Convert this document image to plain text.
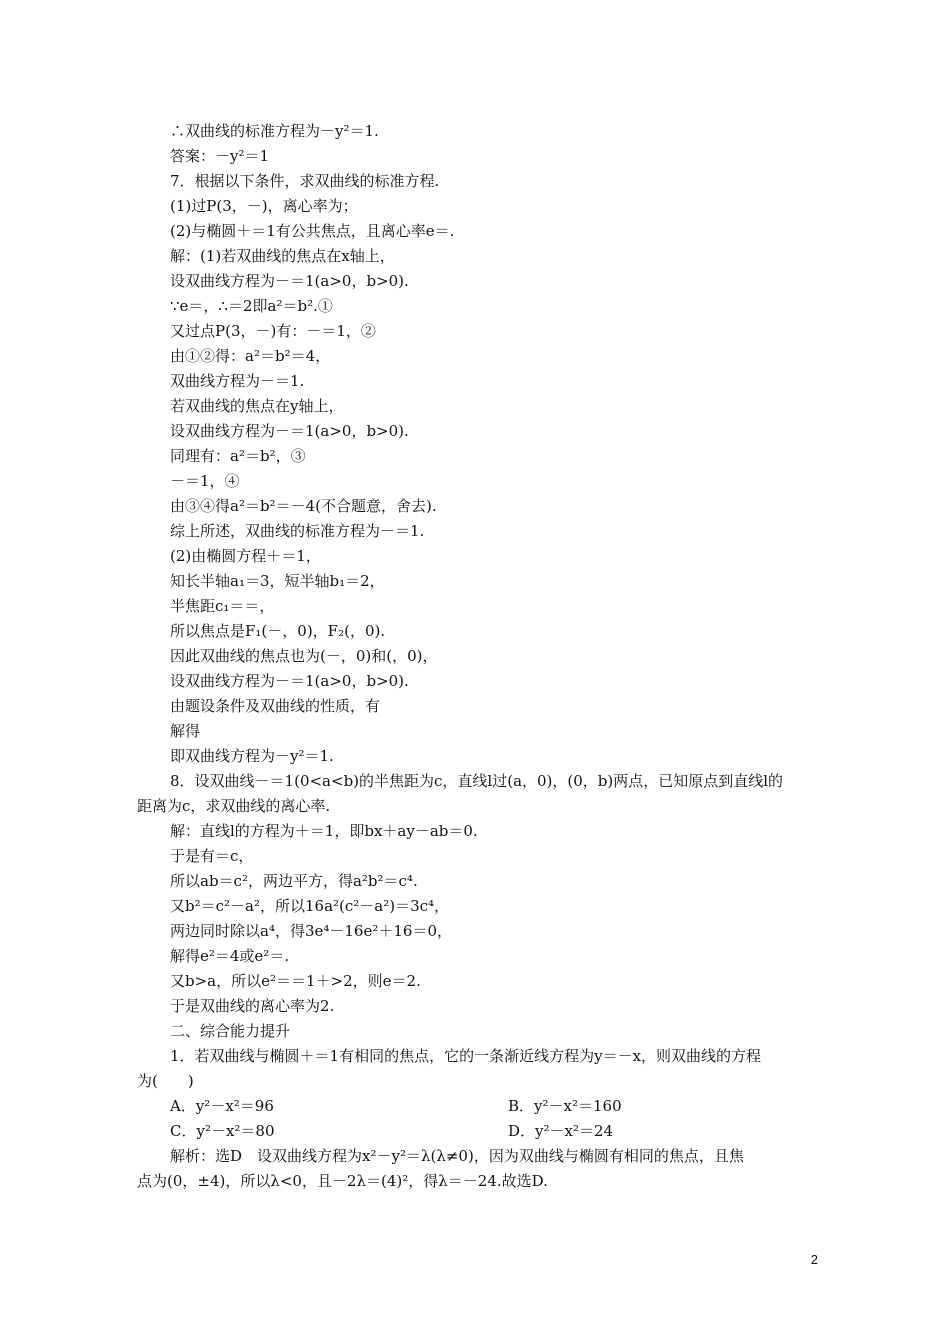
∴双曲线的标准方程为－y²＝1.
答案：－y²＝1
7．根据以下条件，求双曲线的标准方程.
(1)过P(3，－)，离心率为；
(2)与椭圆＋＝1有公共焦点，且离心率e＝.
解：(1)若双曲线的焦点在x轴上，
设双曲线方程为－＝1(a>0，b>0).
∵e＝，∴＝2即a²＝b².①
又过点P(3，－)有：－＝1，②
由①②得：a²＝b²＝4，
双曲线方程为－＝1.
若双曲线的焦点在y轴上，
设双曲线方程为－＝1(a>0，b>0).
同理有：a²＝b²，③
－＝1，④
由③④得a²＝b²＝－4(不合题意，舍去).
综上所述，双曲线的标准方程为－＝1.
(2)由椭圆方程＋＝1，
知长半轴a₁＝3，短半轴b₁＝2，
半焦距c₁＝＝，
所以焦点是F₁(－，0)，F₂(，0).
因此双曲线的焦点也为(－，0)和(，0)，
设双曲线方程为－＝1(a>0，b>0).
由题设条件及双曲线的性质，有
解得
即双曲线方程为－y²＝1.
8．设双曲线－＝1(0<a<b)的半焦距为c，直线l过(a，0)，(0，b)两点，已知原点到直线l的
距离为c，求双曲线的离心率.
解：直线l的方程为＋＝1，即bx＋ay－ab＝0.
于是有＝c，
所以ab＝c²，两边平方，得a²b²＝c⁴.
又b²＝c²－a²，所以16a²(c²－a²)＝3c⁴，
两边同时除以a⁴，得3e⁴－16e²＋16＝0，
解得e²＝4或e²＝.
又b>a，所以e²＝＝1＋>2，则e＝2.
于是双曲线的离心率为2.
二、综合能力提升
1．若双曲线与椭圆＋＝1有相同的焦点，它的一条渐近线方程为y＝－x，则双曲线的方程
为(　　)
A．y²－x²＝96	B．y²－x²＝160
C．y²－x²＝80	D．y²－x²＝24
解析：选D　设双曲线方程为x²－y²＝λ(λ≠0)，因为双曲线与椭圆有相同的焦点，且焦
点为(0，±4)，所以λ<0，且－2λ＝(4)²，得λ＝－24.故选D.
2
